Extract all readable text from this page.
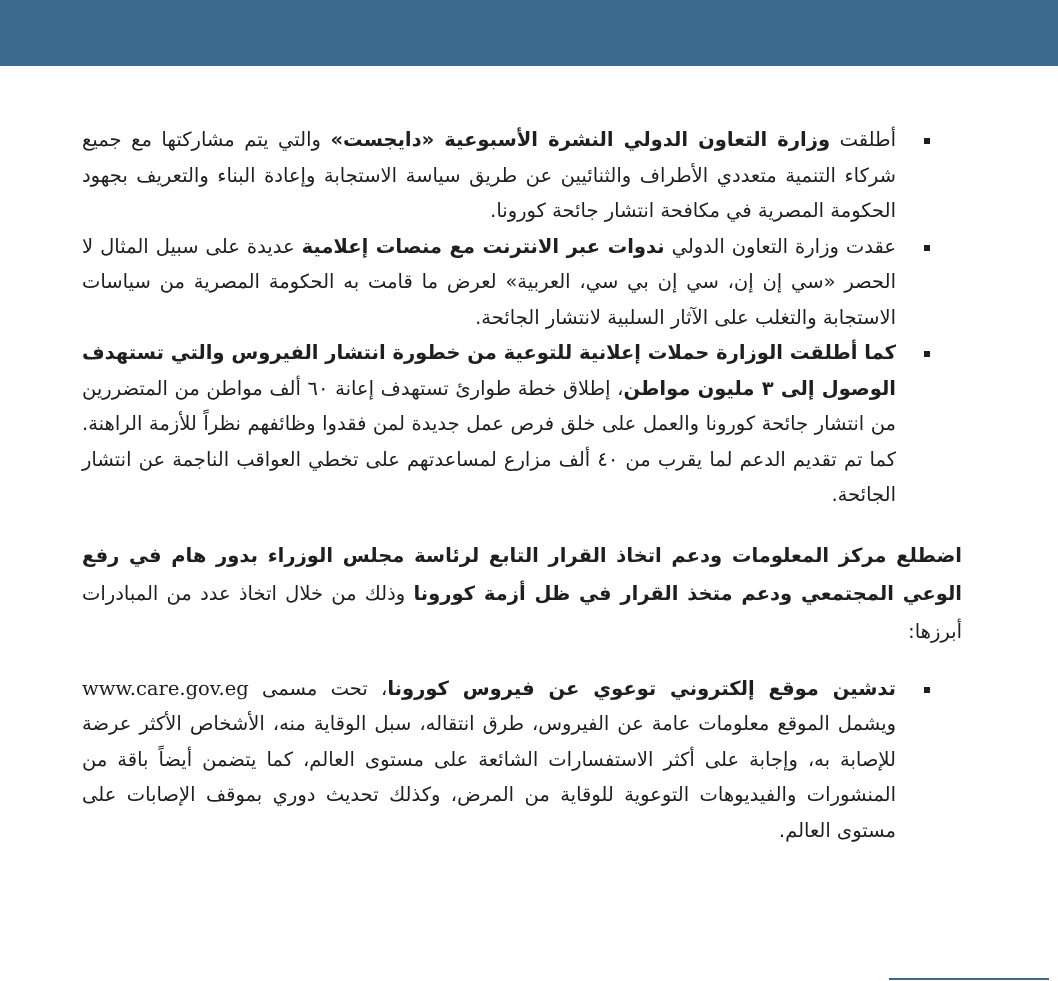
أطلقت وزارة التعاون الدولي النشرة الأسبوعية «دايجست» والتي يتم مشاركتها مع جميع شركاء التنمية متعددي الأطراف والثنائيين عن طريق سياسة الاستجابة وإعادة البناء والتعريف بجهود الحكومة المصرية في مكافحة انتشار جائحة كورونا.
عقدت وزارة التعاون الدولي ندوات عبر الانترنت مع منصات إعلامية عديدة على سبيل المثال لا الحصر «سي إن إن، سي إن بي سي، العربية» لعرض ما قامت به الحكومة المصرية من سياسات الاستجابة والتغلب على الآثار السلبية لانتشار الجائحة.
كما أطلقت الوزارة حملات إعلانية للتوعية من خطورة انتشار الفيروس والتي تستهدف الوصول إلى ٣ مليون مواطن، إطلاق خطة طوارئ تستهدف إعانة ٦٠ ألف مواطن من المتضررين من انتشار جائحة كورونا والعمل على خلق فرص عمل جديدة لمن فقدوا وظائفهم نظراً للأزمة الراهنة. كما تم تقديم الدعم لما يقرب من ٤٠ ألف مزارع لمساعدتهم على تخطي العواقب الناجمة عن انتشار الجائحة.

اضطلع مركز المعلومات ودعم اتخاذ القرار التابع لرئاسة مجلس الوزراء بدور هام في رفع الوعي المجتمعي ودعم متخذ القرار في ظل أزمة كورونا وذلك من خلال اتخاذ عدد من المبادرات أبرزها:

تدشين موقع إلكتروني توعوي عن فيروس كورونا، تحت مسمى www.care.gov.eg ويشمل الموقع معلومات عامة عن الفيروس، طرق انتقاله، سبل الوقاية منه، الأشخاص الأكثر عرضة للإصابة به، وإجابة على أكثر الاستفسارات الشائعة على مستوى العالم، كما يتضمن أيضاً باقة من المنشورات والفيديوهات التوعوية للوقاية من المرض، وكذلك تحديث دوري بموقف الإصابات على مستوى العالم.
